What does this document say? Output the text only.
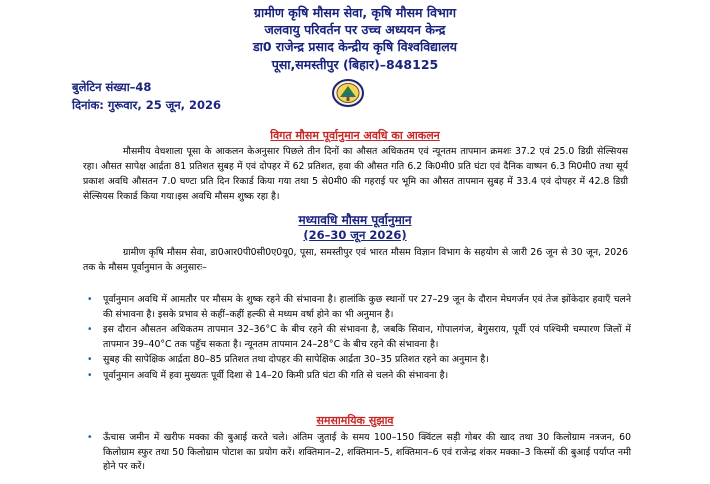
ग्रामीण कृषि मौसम सेवा, कृषि मौसम विभाग
जलवायु परिवर्तन पर उच्च अध्ययन केन्द्र
डा0 राजेन्द्र प्रसाद केन्द्रीय कृषि विश्वविद्यालय
पूसा,समस्तीपुर (बिहार)–848125
बुलेटिन संख्या–48
दिनांक: गुरूवार, 25 जून, 2026
विगत मौसम पूर्वानुमान अवधि का आकलन
मौसमीय वेधशाला पूसा के आकलन केअनुसार पिछले तीन दिनों का औसत अधिकतम एवं न्यूनतम तापमान क्रमशः 37.2 एवं 25.0 डिग्री सेल्सियस रहा। औसत सापेक्ष आर्द्रता 81 प्रतिशत सुबह में एवं दोपहर में 62 प्रतिशत, हवा की औसत गति 6.2 कि0मी0 प्रति घंटा एवं दैनिक वाष्पन 6.3 मि0मी0 तथा सूर्य प्रकाश अवधि औसतन 7.0 घण्टा प्रति दिन रिकार्ड किया गया तथा 5 से0मी0 की गहराई पर भूमि का औसत तापमान सुबह में 33.4 एवं दोपहर में 42.8 डिग्री सेल्सियस रिकार्ड किया गया।इस अवधि मौसम शुष्क रहा है।
मध्यावधि मौसम पूर्वानुमान
(26–30 जून 2026)
ग्रामीण कृषि मौसम सेवा, डा0आर0पी0सी0ए0यू0, पूसा, समस्तीपुर एवं भारत मौसम विज्ञान विभाग के सहयोग से जारी 26 जून से 30 जून, 2026 तक के मौसम पूर्वानुमान के अनुसारः–
• पूर्वानुमान अवधि में आमतौर पर मौसम के शुष्क रहने की संभावना है। हालांकि कुछ स्थानों पर 27–29 जून के दौरान मेघगर्जन एवं तेज झोंकेदार हवाएँ चलने की संभावना है। इसके प्रभाव से कहीं–कहीं हल्की से मध्यम वर्षा होने का भी अनुमान है।
• इस दौरान औसतन अधिकतम तापमान 32–36°C के बीच रहने की संभावना है, जबकि सिवान, गोपालगंज, बेगुसराय, पूर्वी एवं पश्चिमी चम्पारण जिलों में तापमान 39–40°C तक पहुँच सकता है। न्यूनतम तापमान 24–28°C के बीच रहने की संभावना है।
• सुबह की सापेक्षिक आर्द्रता 80–85 प्रतिशत तथा दोपहर की सापेक्षिक आर्द्रता 30–35 प्रतिशत रहने का अनुमान है।
• पूर्वानुमान अवधि में हवा मुख्यतः पूर्वी दिशा से 14–20 किमी प्रति घंटा की गति से चलने की संभावना है।
समसामयिक सुझाव
• ऊँचास जमीन में खरीफ मक्का की बुआई करते चले। अंतिम जुताई के समय 100–150 क्विंटल सड़ी गोबर की खाद तथा 30 किलोग्राम नत्रजन, 60 किलोग्राम स्फुर तथा 50 किलोग्राम पोटाश का प्रयोग करें। शक्तिमान–2, शक्तिमान–5, शक्तिमान–6 एवं राजेन्द्र शंकर मक्का–3 किस्मों की बुआई पर्याप्त नमी होने पर करें।
